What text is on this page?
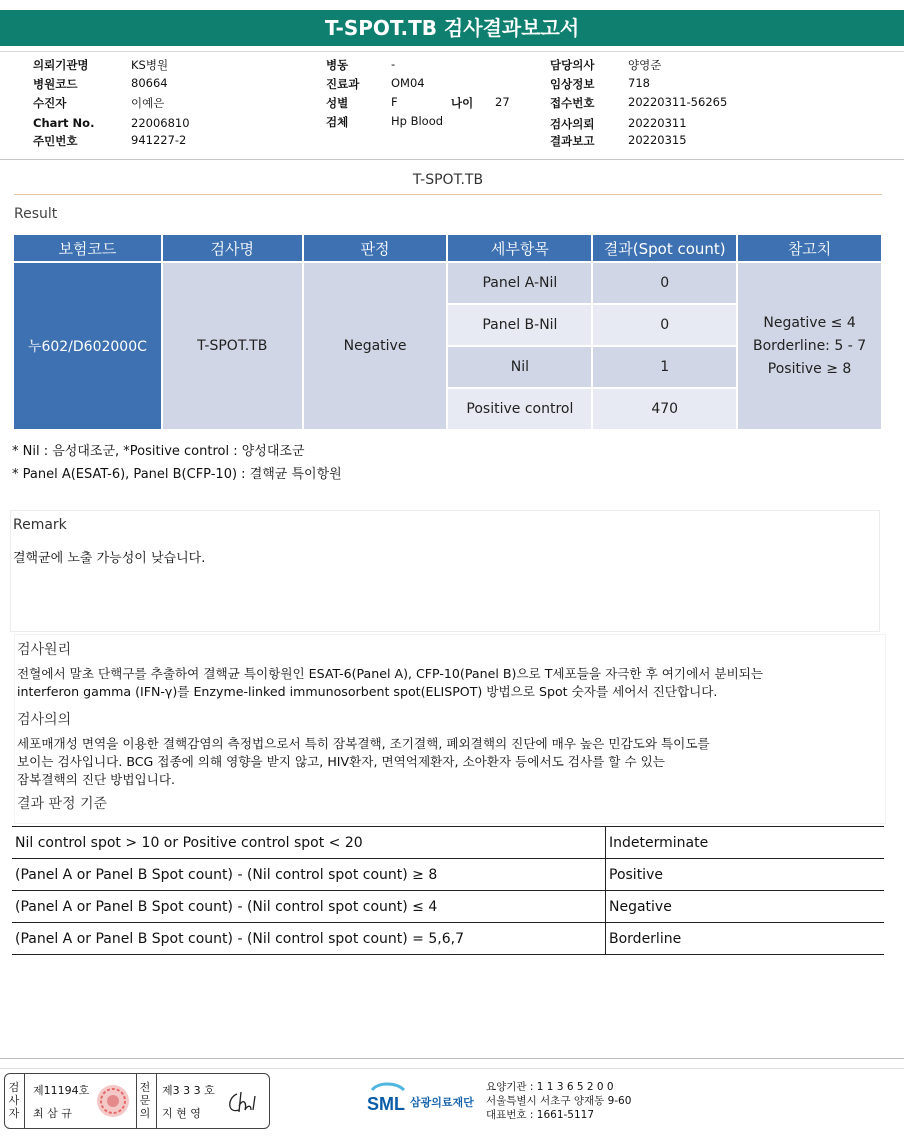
T-SPOT.TB 검사결과보고서
의뢰기관명	KS병원
병원코드	80664
수진자	이예은
Chart No.	22006810
주민번호	941227-2
병동	-
진료과	OM04
성별	F	나이 27
검체	Hp Blood
담당의사	양영준
임상정보	718
접수번호	20220311-56265
검사의뢰	20220311
결과보고	20220315
T-SPOT.TB
Result
보험코드	검사명	판정	세부항목	결과(Spot count)	참고치
누602/D602000C	T-SPOT.TB	Negative	Panel A-Nil	0	Negative ≤ 4
Borderline: 5 - 7
Positive ≥ 8

			Panel B-Nil	0	
			Nil	1	
			Positive control	470	
* Nil : 음성대조군, *Positive control : 양성대조군
* Panel A(ESAT-6), Panel B(CFP-10) : 결핵균 특이항원
Remark
결핵균에 노출 가능성이 낮습니다.
검사원리
전혈에서 말초 단핵구를 추출하여 결핵균 특이항원인 ESAT-6(Panel A), CFP-10(Panel B)으로 T세포들을 자극한 후 여기에서 분비되는
interferon gamma (IFN-γ)를 Enzyme-linked immunosorbent spot(ELISPOT) 방법으로 Spot 숫자를 세어서 진단합니다.
검사의의
세포매개성 면역을 이용한 결핵감염의 측정법으로서 특히 잠복결핵, 조기결핵, 폐외결핵의 진단에 매우 높은 민감도와 특이도를
보이는 검사입니다. BCG 접종에 의해 영향을 받지 않고, HIV환자, 면역억제환자, 소아환자 등에서도 검사를 할 수 있는
잠복결핵의 진단 방법입니다.
결과 판정 기준
Nil control spot > 10 or Positive control spot < 20	Indeterminate
(Panel A or Panel B Spot count) - (Nil control spot count) ≥ 8	Positive
(Panel A or Panel B Spot count) - (Nil control spot count) ≤ 4	Negative
(Panel A or Panel B Spot count) - (Nil control spot count) = 5,6,7	Borderline
검
사
자
제11194호
최 삼 규
전
문
의
제3 3 3 호
지 현 영	SML 삼광의료재단
요양기관 : 1 1 3 6 5 2 0 0
서울특별시 서초구 양재동 9-60
대표번호 : 1661-5117
